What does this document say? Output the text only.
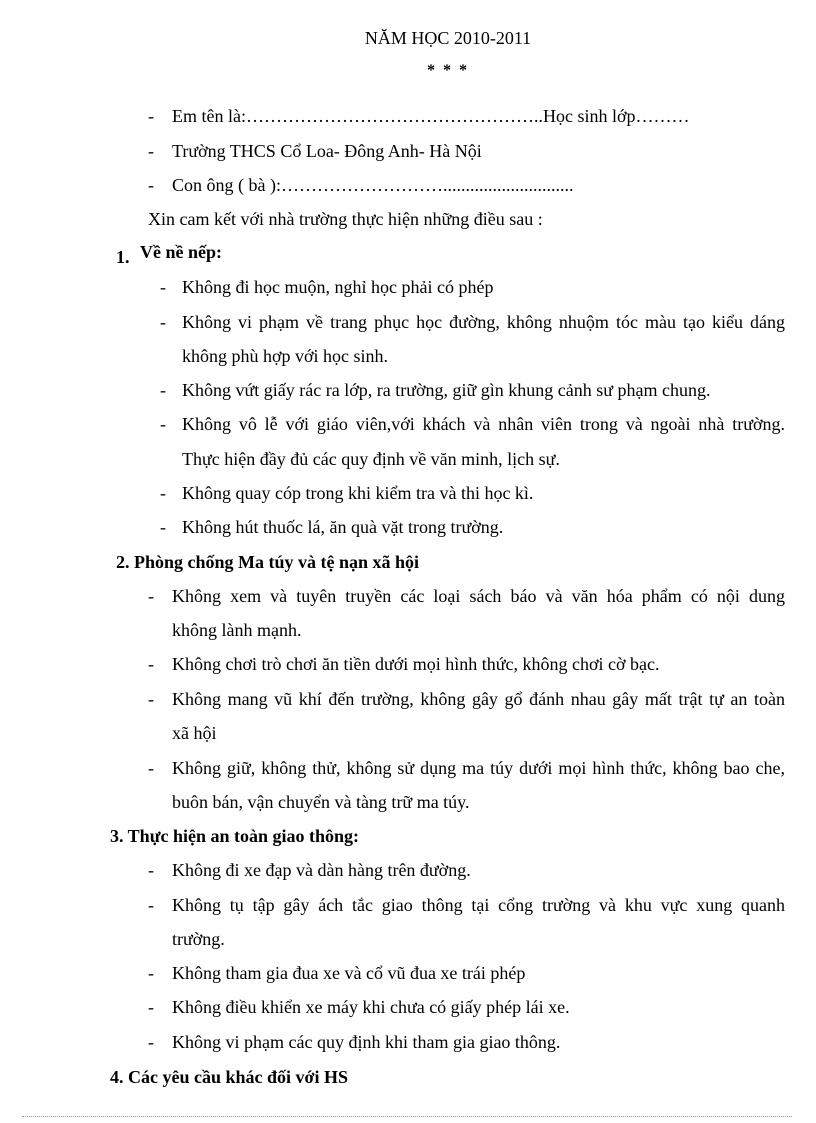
NĂM HỌC 2010-2011
* * *
- Em tên là:…………………………………………..Học sinh lớp………
- Trường THCS Cổ Loa- Đông Anh- Hà Nội
- Con ông ( bà ):……………………….............................
Xin cam kết với nhà trường thực hiện những điều sau :
1. Về nề nếp:
- Không đi học muộn, nghỉ học phải có phép
- Không vi phạm về trang phục học đường, không nhuộm tóc màu tạo kiểu dáng
không phù hợp với học sinh.
- Không vứt giấy rác ra lớp, ra trường, giữ gìn khung cảnh sư phạm chung.
- Không vô lễ với giáo viên,với khách và nhân viên trong và ngoài nhà trường.
Thực hiện đầy đủ các quy định về văn minh, lịch sự.
- Không quay cóp trong khi kiểm tra và thi học kì.
- Không hút thuốc lá, ăn quà vặt trong trường.
2. Phòng chống Ma túy và tệ nạn xã hội
- Không xem và tuyên truyền các loại sách báo và văn hóa phẩm có nội dung
không lành mạnh.
- Không chơi trò chơi ăn tiền dưới mọi hình thức, không chơi cờ bạc.
- Không mang vũ khí đến trường, không gây gổ đánh nhau gây mất trật tự an toàn
xã hội
- Không giữ, không thử, không sử dụng ma túy dưới mọi hình thức, không bao che,
buôn bán, vận chuyển và tàng trữ ma túy.
3. Thực hiện an toàn giao thông:
- Không đi xe đạp và dàn hàng trên đường.
- Không tụ tập gây ách tắc giao thông tại cổng trường và khu vực xung quanh
trường.
- Không tham gia đua xe và cổ vũ đua xe trái phép
- Không điều khiển xe máy khi chưa có giấy phép lái xe.
- Không vi phạm các quy định khi tham gia giao thông.
4. Các yêu cầu khác đối với HS
